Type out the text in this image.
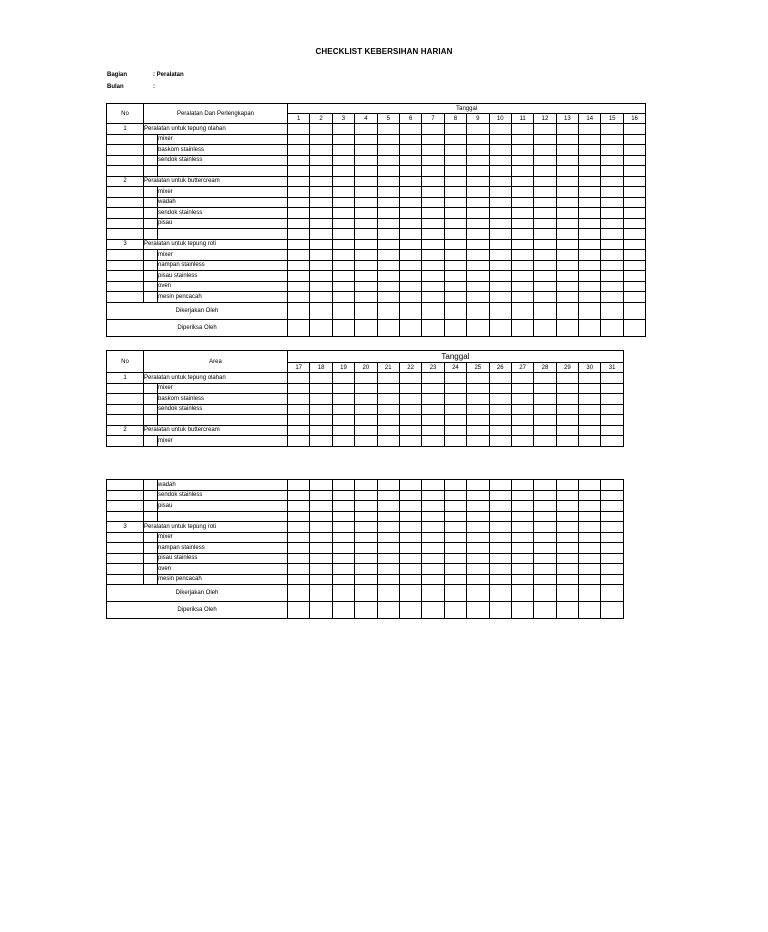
CHECKLIST KEBERSIHAN HARIAN
Bagian	: Peralatan
Bulan	:
No	Peralatan Dan Perlengkapan		Tanggal															
			1	2	3	4	5	6	7	8	9	10	11	12	13	14	15	16
1	Peralatan untuk tepung olahan																	
		mixer																
		baskom stainless																
		sendok stainless																

2	Peralatan untuk buttercream																	
		mixer																
		wadah																
		sendok stainless																
		pisau																

3	Peralatan untuk tepung roti																	
		mixer																
		nampan stainless																
		pisau stainless																
		oven																
		mesin pencacah																
Dikerjakan Oleh																		
Diperiksa Oleh																		
No	Area		Tanggal														
			17	18	19	20	21	22	23	24	25	26	27	28	29	30	31
1	Peralatan untuk tepung olahan																
		mixer															
		baskom stainless															
		sendok stainless															

2	Peralatan untuk buttercream																
		mixer															
		wadah															
		sendok stainless															
		pisau															

3	Peralatan untuk tepung roti																
		mixer															
		nampan stainless															
		pisau stainless															
		oven															
		mesin pencacah															
Dikerjakan Oleh																	
Diperiksa Oleh																	
